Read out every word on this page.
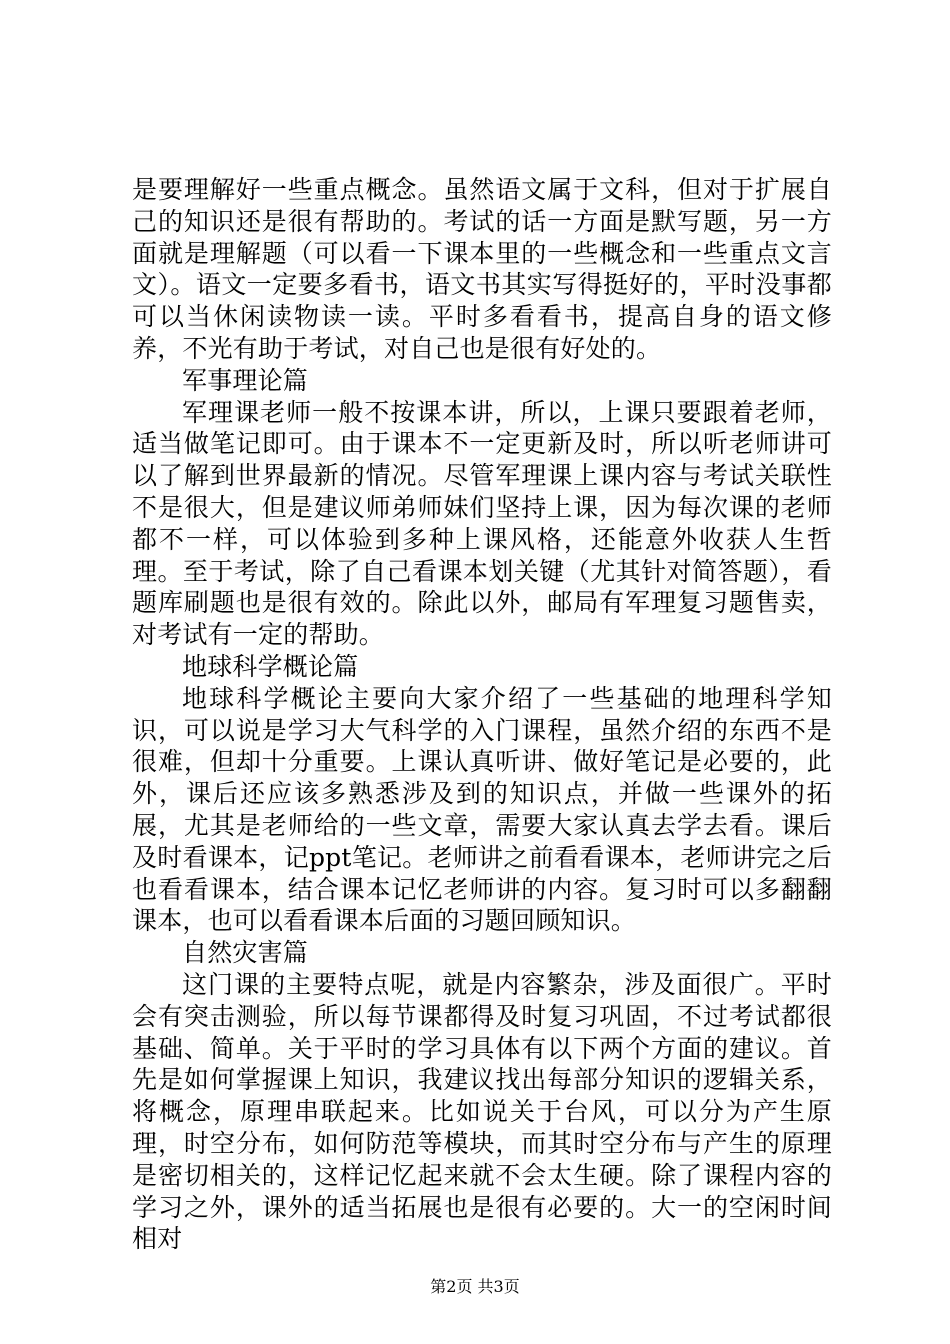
是要理解好一些重点概念。虽然语文属于文科，但对于扩展自己的知识还是很有帮助的。考试的话一方面是默写题，另一方面就是理解题（可以看一下课本里的一些概念和一些重点文言文）。语文一定要多看书，语文书其实写得挺好的，平时没事都可以当休闲读物读一读。平时多看看书，提高自身的语文修养，不光有助于考试，对自己也是很有好处的。

军事理论篇

军理课老师一般不按课本讲，所以，上课只要跟着老师，适当做笔记即可。由于课本不一定更新及时，所以听老师讲可以了解到世界最新的情况。尽管军理课上课内容与考试关联性不是很大，但是建议师弟师妹们坚持上课，因为每次课的老师都不一样，可以体验到多种上课风格，还能意外收获人生哲理。至于考试，除了自己看课本划关键（尤其针对简答题），看题库刷题也是很有效的。除此以外，邮局有军理复习题售卖，对考试有一定的帮助。

地球科学概论篇

地球科学概论主要向大家介绍了一些基础的地理科学知识，可以说是学习大气科学的入门课程，虽然介绍的东西不是很难，但却十分重要。上课认真听讲、做好笔记是必要的，此外，课后还应该多熟悉涉及到的知识点，并做一些课外的拓展，尤其是老师给的一些文章，需要大家认真去学去看。课后及时看课本，记ppt笔记。老师讲之前看看课本，老师讲完之后也看看课本，结合课本记忆老师讲的内容。复习时可以多翻翻课本，也可以看看课本后面的习题回顾知识。

自然灾害篇

这门课的主要特点呢，就是内容繁杂，涉及面很广。平时会有突击测验，所以每节课都得及时复习巩固，不过考试都很基础、简单。关于平时的学习具体有以下两个方面的建议。首先是如何掌握课上知识，我建议找出每部分知识的逻辑关系，将概念，原理串联起来。比如说关于台风，可以分为产生原理，时空分布，如何防范等模块，而其时空分布与产生的原理是密切相关的，这样记忆起来就不会太生硬。除了课程内容的学习之外，课外的适当拓展也是很有必要的。大一的空闲时间相对

第2页 共3页
